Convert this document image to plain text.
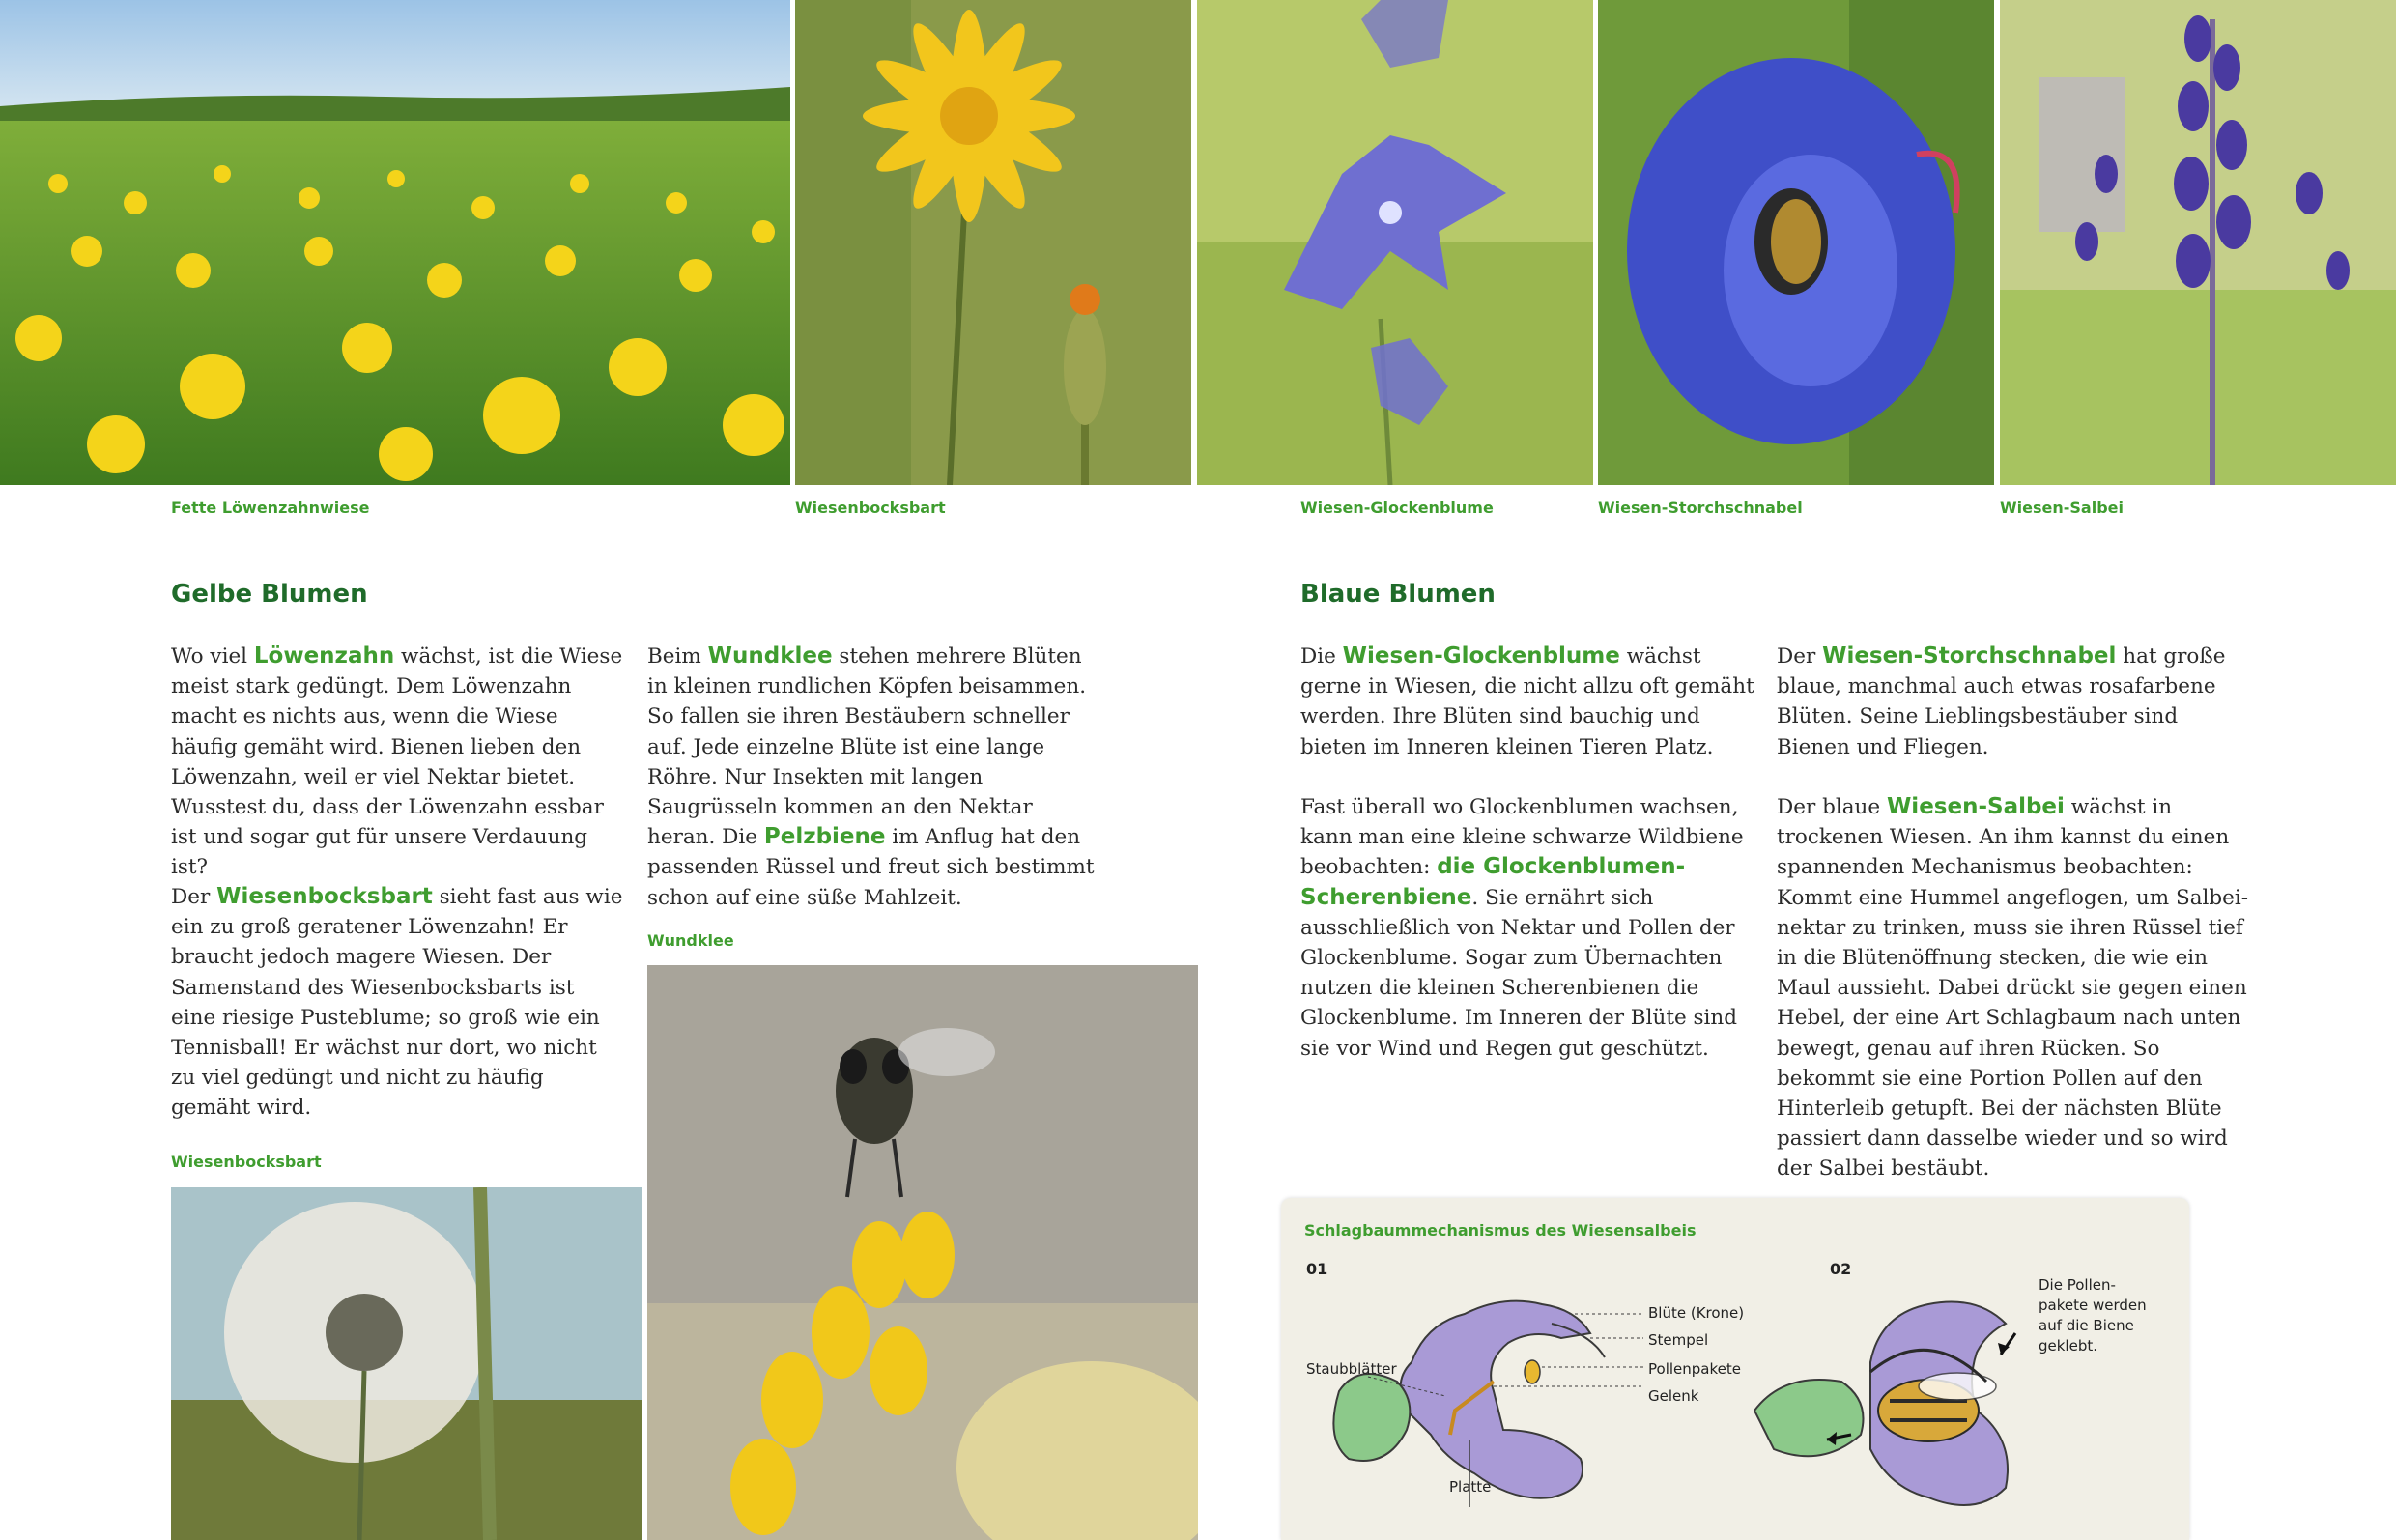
Fette Löwenzahnwiese	Wiesenbocksbart	Wiesen-Glockenblume	Wiesen-Storchschnabel	Wiesen-Salbei
Gelbe Blumen
Wo viel Löwenzahn wächst, ist die Wiese meist stark gedüngt. Dem Löwenzahn macht es nichts aus, wenn die Wiese häufig gemäht wird. Bienen lieben den Löwenzahn, weil er viel Nektar bietet. Wusstest du, dass der Löwenzahn essbar ist und sogar gut für unsere Verdauung ist?
Der Wiesenbocksbart sieht fast aus wie ein zu groß geratener Löwenzahn! Er braucht jedoch magere Wiesen. Der Samenstand des Wiesenbocksbarts ist eine riesige Pusteblume; so groß wie ein Tennisball! Er wächst nur dort, wo nicht zu viel gedüngt und nicht zu häufig gemäht wird.
Beim Wundklee stehen mehrere Blüten in kleinen rundlichen Köpfen beisammen. So fallen sie ihren Bestäubern schneller auf. Jede einzelne Blüte ist eine lange Röhre. Nur Insekten mit langen Saugrüsseln kommen an den Nektar heran. Die Pelzbiene im Anflug hat den passenden Rüssel und freut sich bestimmt schon auf eine süße Mahlzeit.
Wundklee
Wiesenbocksbart
Blaue Blumen
Die Wiesen-Glockenblume wächst gerne in Wiesen, die nicht allzu oft gemäht werden. Ihre Blüten sind bauchig und bieten im Inneren kleinen Tieren Platz.
Fast überall wo Glockenblumen wachsen, kann man eine kleine schwarze Wildbiene beobachten: die Glockenblumen-Scherenbiene. Sie ernährt sich ausschließlich von Nektar und Pollen der Glockenblume. Sogar zum Übernachten nutzen die kleinen Scherenbienen die Glockenblume. Im Inneren der Blüte sind sie vor Wind und Regen gut geschützt.
Der Wiesen-Storchschnabel hat große blaue, manchmal auch etwas rosafarbene Blüten. Seine Lieblingsbestäuber sind Bienen und Fliegen.
Der blaue Wiesen-Salbei wächst in trockenen Wiesen. An ihm kannst du einen spannenden Mechanismus beobachten: Kommt eine Hummel angeflogen, um Salbeinektar zu trinken, muss sie ihren Rüssel tief in die Blütenöffnung stecken, die wie ein Maul aussieht. Dabei drückt sie gegen einen Hebel, der eine Art Schlagbaum nach unten bewegt, genau auf ihren Rücken. So bekommt sie eine Portion Pollen auf den Hinterleib getupft. Bei der nächsten Blüte passiert dann dasselbe wieder und so wird der Salbei bestäubt.
Schlagbaummechanismus des Wiesensalbeis
01	02
Blüte (Krone)
Stempel
Pollenpakete
Gelenk
Staubblätter
Platte
Die Pollen-
pakete werden
auf die Biene
geklebt.
